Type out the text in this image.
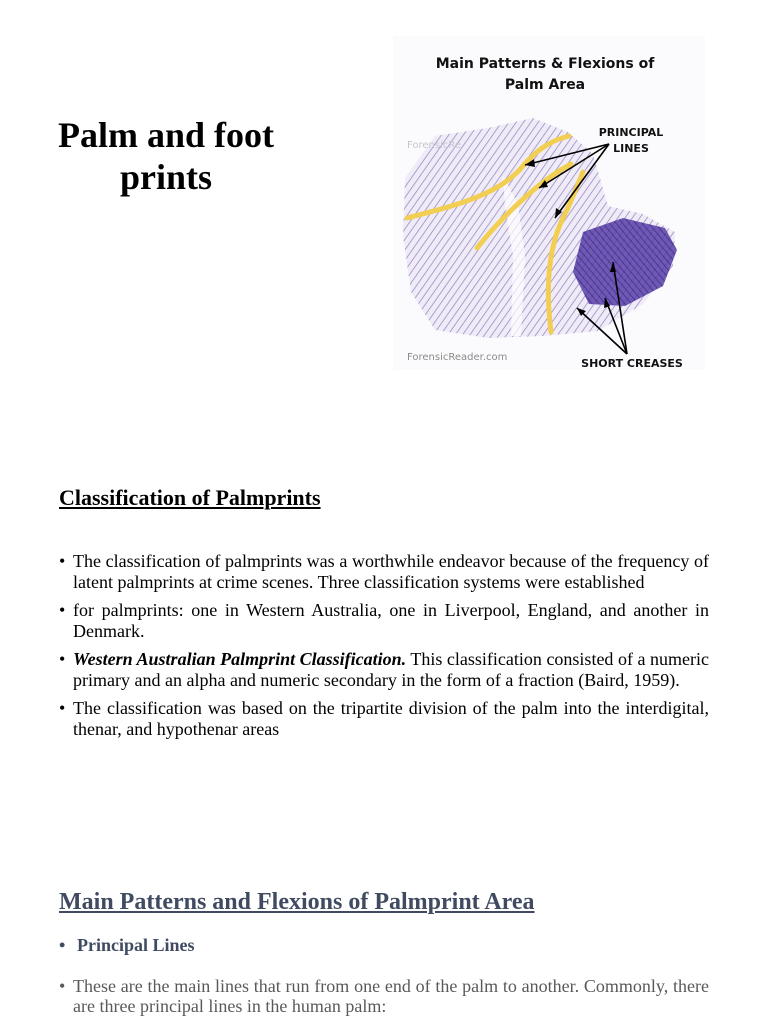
Palm and foot prints
Main Patterns & Flexions of
Palm Area
ForensicRe
PRINCIPAL
LINES
SHORT CREASES
ForensicReader.com
Classification of Palmprints
• The classification of palmprints was a worthwhile endeavor because of the frequency of latent palmprints at crime scenes. Three classification systems were established
• for palmprints: one in Western Australia, one in Liverpool, England, and another in Denmark.
• Western Australian Palmprint Classification. This classification consisted of a numeric primary and an alpha and numeric secondary in the form of a fraction (Baird, 1959).
• The classification was based on the tripartite division of the palm into the interdigital, thenar, and hypothenar areas
Main Patterns and Flexions of Palmprint Area
• Principal Lines
• These are the main lines that run from one end of the palm to another. Commonly, there are three principal lines in the human palm:
